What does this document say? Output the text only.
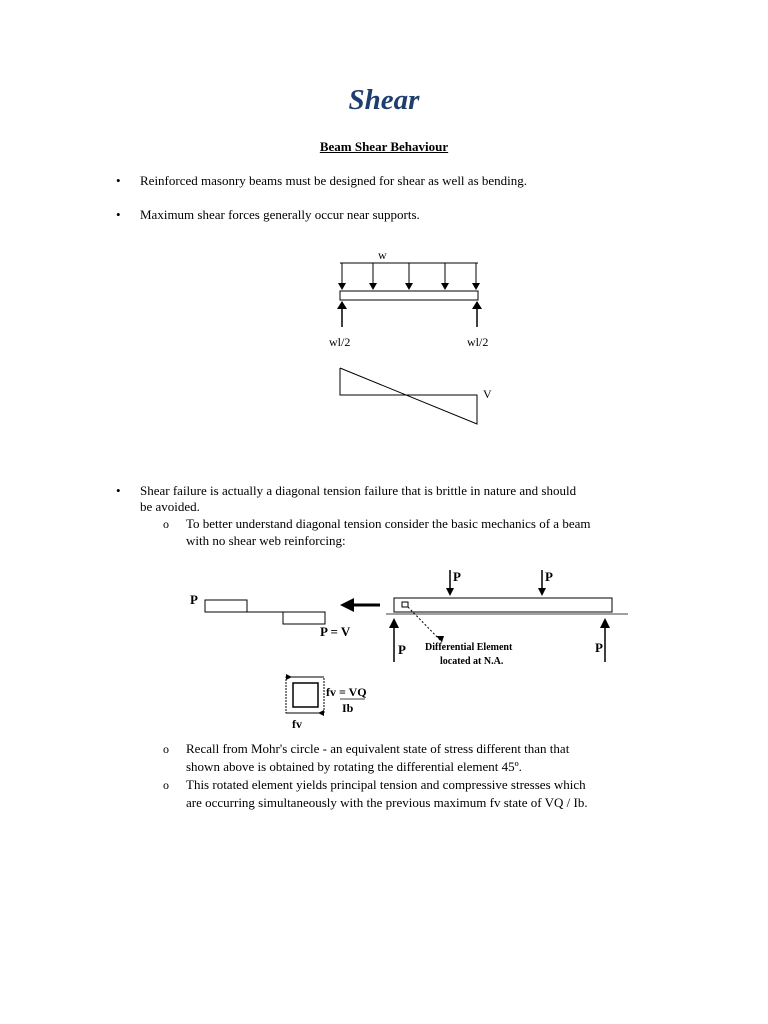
Shear
Beam Shear Behaviour
• Reinforced masonry beams must be designed for shear as well as bending.
• Maximum shear forces generally occur near supports.
w
wl/2	wl/2
V
• Shear failure is actually a diagonal tension failure that is brittle in nature and should
be avoided.
o To better understand diagonal tension consider the basic mechanics of a beam
with no shear web reinforcing:
P
P = V
P	P
P	P
Differential Element
located at N.A.
fv = VQ
Ib
fv
o Recall from Mohr's circle - an equivalent state of stress different than that
shown above is obtained by rotating the differential element 45º.
o This rotated element yields principal tension and compressive stresses which
are occurring simultaneously with the previous maximum fv state of VQ / Ib.
